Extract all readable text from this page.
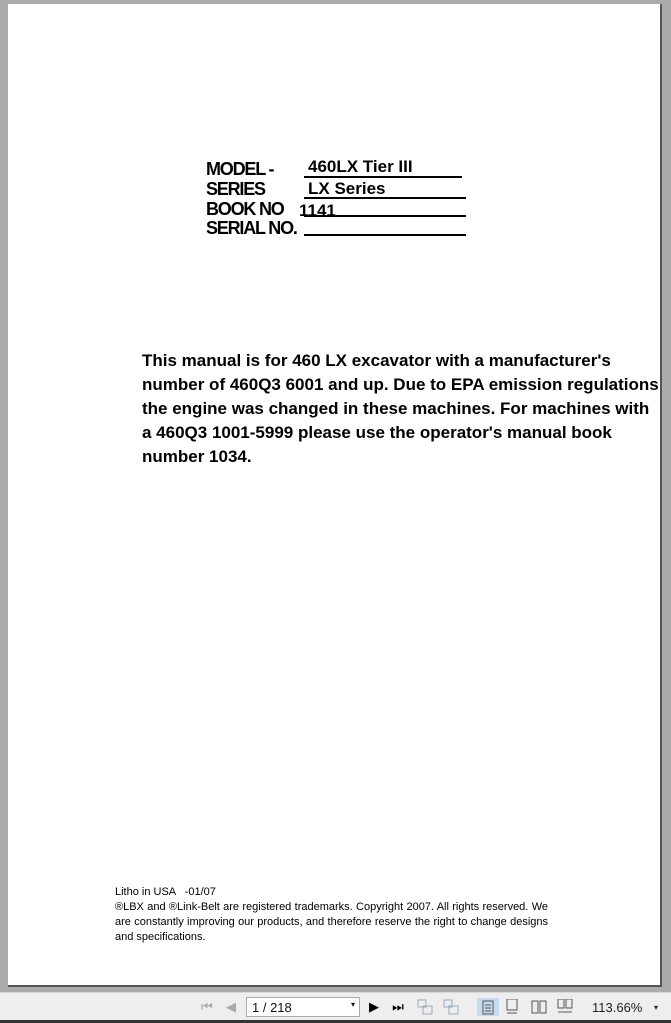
MODEL - 460LX Tier III
SERIES	LX Series
BOOK NO 1141
SERIAL NO.
This manual is for 460 LX excavator with a manufacturer's number of 460Q3 6001 and up. Due to EPA emission regulations the engine was changed in these machines. For machines with a 460Q3 1001-5999 please use the operator's manual book number 1034.
Litho in USA   -01/07
®LBX and ®Link-Belt are registered trademarks. Copyright 2007. All rights reserved. We are constantly improving our products, and therefore reserve the right to change designs and specifications.
⏮	◀	1 / 218	▾	▶	⏭	113.66% ▾
